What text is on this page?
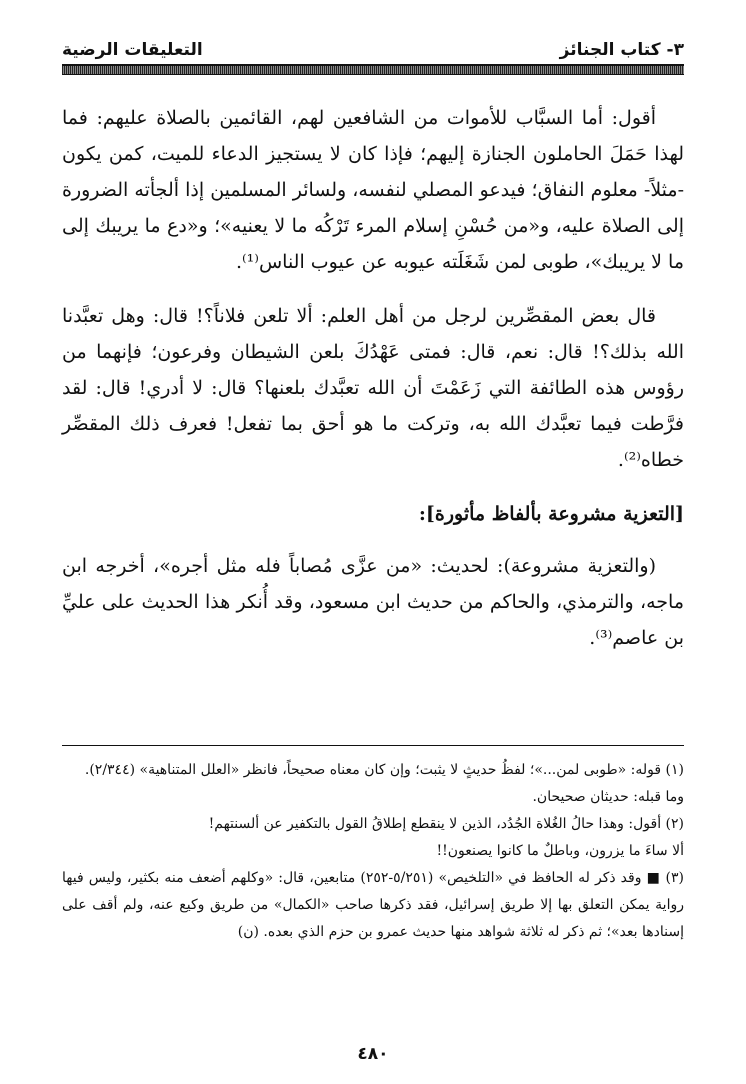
٣- كتاب الجنائز
التعليقات الرضية

أقول: أما السبَّاب للأموات من الشافعين لهم، القائمين بالصلاة عليهم: فما لهذا حَمَلَ الحاملون الجنازة إليهم؛ فإذا كان لا يستجيز الدعاء للميت، كمن يكون -مثلاً- معلوم النفاق؛ فيدعو المصلي لنفسه، ولسائر المسلمين إذا ألجأته الضرورة إلى الصلاة عليه، و«من حُسْنِ إسلام المرء تَرْكُه ما لا يعنيه»؛ و«دع ما يريبك إلى ما لا يريبك»، طوبى لمن شَغَلَته عيوبه عن عيوب الناس⁽¹⁾.

قال بعض المقصِّرين لرجل من أهل العلم: ألا تلعن فلاناً؟! قال: وهل تعبَّدنا الله بذلك؟! قال: نعم، قال: فمتى عَهْدُكَ بلعن الشيطان وفرعون؛ فإنهما من رؤوس هذه الطائفة التي زَعَمْتَ أن الله تعبَّدك بلعنها؟ قال: لا أدري! قال: لقد فرَّطت فيما تعبَّدك الله به، وتركت ما هو أحق بما تفعل! فعرف ذلك المقصِّر خطاه⁽²⁾.

[التعزية مشروعة بألفاظ مأثورة]:

(والتعزية مشروعة): لحديث: «من عزَّى مُصاباً فله مثل أجره»، أخرجه ابن ماجه، والترمذي، والحاكم من حديث ابن مسعود، وقد أُنكر هذا الحديث على عليِّ بن عاصم⁽³⁾.

(١) قوله: «طوبى لمن...»؛ لفظُ حديثٍ لا يثبت؛ وإن كان معناه صحيحاً، فانظر «العلل المتناهية» (٢/٣٤٤).

وما قبله: حديثان صحيحان.

(٢) أقول: وهذا حالُ الغُلاة الجُدُد، الذين لا ينقطع إطلاقُ القول بالتكفير عن ألسنتهم!

ألا ساءَ ما يزرون، وباطلٌ ما كانوا يصنعون!!

(٣) ■ وقد ذكر له الحافظ في «التلخيص» (٥/٢٥١-٢٥٢) متابعين، قال: «وكلهم أضعف منه بكثير، وليس فيها رواية يمكن التعلق بها إلا طريق إسرائيل، فقد ذكرها صاحب «الكمال» من طريق وكيع عنه، ولم أقف على إسنادها بعد»؛ ثم ذكر له ثلاثة شواهد منها حديث عمرو بن حزم الذي بعده. (ن)

٤٨٠
